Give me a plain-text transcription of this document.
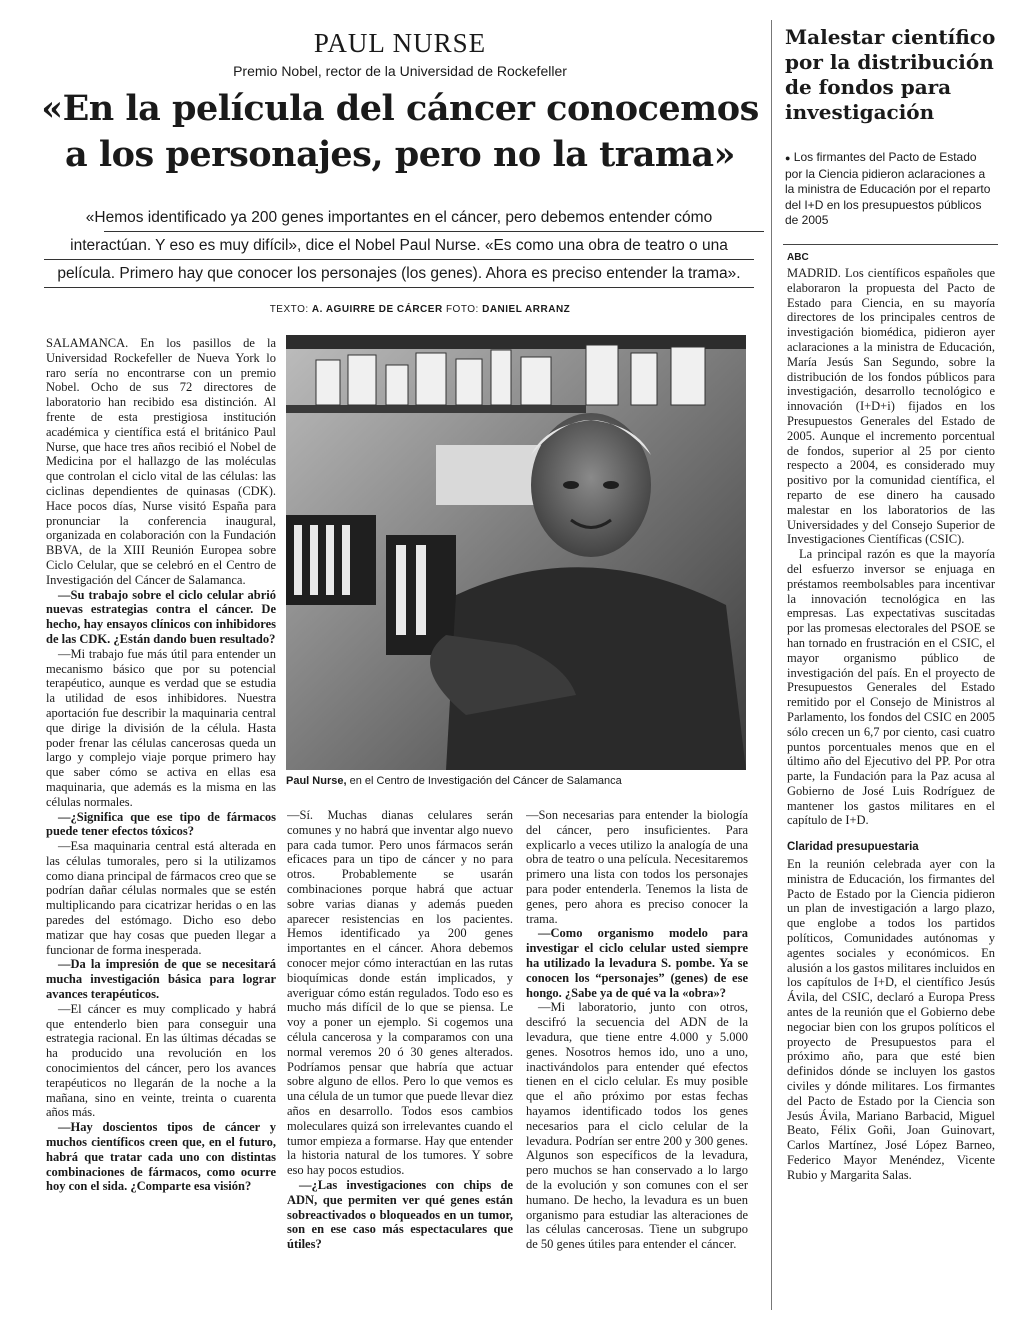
PAUL NURSE
Premio Nobel, rector de la Universidad de Rockefeller
«En la película del cáncer conocemos
a los personajes, pero no la trama»
«Hemos identificado ya 200 genes importantes en el cáncer, pero debemos entender cómo
interactúan. Y eso es muy difícil», dice el Nobel Paul Nurse. «Es como una obra de teatro o una
película. Primero hay que conocer los personajes (los genes). Ahora es preciso entender la trama».
TEXTO: A. AGUIRRE DE CÁRCER FOTO: DANIEL ARRANZ

SALAMANCA. En los pasillos de la Universidad Rockefeller de Nueva York lo raro sería no encontrarse con un premio Nobel. Ocho de sus 72 directores de laboratorio han recibido esa distinción. Al frente de esta prestigiosa institución académica y científica está el británico Paul Nurse, que hace tres años recibió el Nobel de Medicina por el hallazgo de las moléculas que controlan el ciclo vital de las células: las ciclinas dependientes de quinasas (CDK). Hace pocos días, Nurse visitó España para pronunciar la conferencia inaugural, organizada en colaboración con la Fundación BBVA, de la XIII Reunión Europea sobre Ciclo Celular, que se celebró en el Centro de Investigación del Cáncer de Salamanca.

—Su trabajo sobre el ciclo celular abrió nuevas estrategias contra el cáncer. De hecho, hay ensayos clínicos con inhibidores de las CDK. ¿Están dando buen resultado?

—Mi trabajo fue más útil para entender un mecanismo básico que por su potencial terapéutico, aunque es verdad que se estudia la utilidad de esos inhibidores. Nuestra aportación fue describir la maquinaria central que dirige la división de la célula. Hasta poder frenar las células cancerosas queda un largo y complejo viaje porque primero hay que saber cómo se activa en ellas esa maquinaria, que además es la misma en las células normales.

—¿Significa que ese tipo de fármacos puede tener efectos tóxicos?

—Esa maquinaria central está alterada en las células tumorales, pero si la utilizamos como diana principal de fármacos creo que se podrían dañar células normales que se estén multiplicando para cicatrizar heridas o en las paredes del estómago. Dicho eso debo matizar que hay cosas que pueden llegar a funcionar de forma inesperada.

—Da la impresión de que se necesitará mucha investigación básica para lograr avances terapéuticos.

—El cáncer es muy complicado y habrá que entenderlo bien para conseguir una estrategia racional. En las últimas décadas se ha producido una revolución en los conocimientos del cáncer, pero los avances terapéuticos no llegarán de la noche a la mañana, sino en veinte, treinta o cuarenta años más.

—Hay doscientos tipos de cáncer y muchos científicos creen que, en el futuro, habrá que tratar cada uno con distintas combinaciones de fármacos, como ocurre hoy con el sida. ¿Comparte esa visión?

Paul Nurse, en el Centro de Investigación del Cáncer de Salamanca

—Sí. Muchas dianas celulares serán comunes y no habrá que inventar algo nuevo para cada tumor. Pero unos fármacos serán eficaces para un tipo de cáncer y no para otros. Probablemente se usarán combinaciones porque habrá que actuar sobre varias dianas y además pueden aparecer resistencias en los pacientes. Hemos identificado ya 200 genes importantes en el cáncer. Ahora debemos conocer mejor cómo interactúan en las rutas bioquímicas donde están implicados, y averiguar cómo están regulados. Todo eso es mucho más difícil de lo que se piensa. Le voy a poner un ejemplo. Si cogemos una célula cancerosa y la comparamos con una normal veremos 20 ó 30 genes alterados. Podríamos pensar que habría que actuar sobre alguno de ellos. Pero lo que vemos es una célula de un tumor que puede llevar diez años en desarrollo. Todos esos cambios moleculares quizá son irrelevantes cuando el tumor empieza a formarse. Hay que entender la historia natural de los tumores. Y sobre eso hay pocos estudios.

—¿Las investigaciones con chips de ADN, que permiten ver qué genes están sobreactivados o bloqueados en un tumor, son en ese caso más espectaculares que útiles?

—Son necesarias para entender la biología del cáncer, pero insuficientes. Para explicarlo a veces utilizo la analogía de una obra de teatro o una película. Necesitaremos primero una lista con todos los personajes para poder entenderla. Tenemos la lista de genes, pero ahora es preciso conocer la trama.

—Como organismo modelo para investigar el ciclo celular usted siempre ha utilizado la levadura S. pombe. Ya se conocen los “personajes” (genes) de ese hongo. ¿Sabe ya de qué va la «obra»?

—Mi laboratorio, junto con otros, descifró la secuencia del ADN de la levadura, que tiene entre 4.000 y 5.000 genes. Nosotros hemos ido, uno a uno, inactivándolos para entender qué efectos tienen en el ciclo celular. Es muy posible que el año próximo por estas fechas hayamos identificado todos los genes necesarios para el ciclo celular de la levadura. Podrían ser entre 200 y 300 genes. Algunos son específicos de la levadura, pero muchos se han conservado a lo largo de la evolución y son comunes con el ser humano. De hecho, la levadura es un buen organismo para estudiar las alteraciones de las células cancerosas. Tiene un subgrupo de 50 genes útiles para entender el cáncer.

Malestar científico por la distribución de fondos para investigación
● Los firmantes del Pacto de Estado por la Ciencia pidieron aclaraciones a la ministra de Educación por el reparto del I+D en los presupuestos públicos de 2005
ABC

MADRID. Los científicos españoles que elaboraron la propuesta del Pacto de Estado para Ciencia, en su mayoría directores de los principales centros de investigación biomédica, pidieron ayer aclaraciones a la ministra de Educación, María Jesús San Segundo, sobre la distribución de los fondos públicos para investigación, desarrollo tecnológico e innovación (I+D+i) fijados en los Presupuestos Generales del Estado de 2005. Aunque el incremento porcentual de fondos, superior al 25 por ciento respecto a 2004, es considerado muy positivo por la comunidad científica, el reparto de ese dinero ha causado malestar en los laboratorios de las Universidades y del Consejo Superior de Investigaciones Científicas (CSIC).

La principal razón es que la mayoría del esfuerzo inversor se enjuaga en préstamos reembolsables para incentivar la innovación tecnológica en las empresas. Las expectativas suscitadas por las promesas electorales del PSOE se han tornado en frustración en el CSIC, el mayor organismo público de investigación del país. En el proyecto de Presupuestos Generales del Estado remitido por el Consejo de Ministros al Parlamento, los fondos del CSIC en 2005 sólo crecen un 6,7 por ciento, casi cuatro puntos porcentuales menos que en el último año del Ejecutivo del PP. Por otra parte, la Fundación para la Paz acusa al Gobierno de José Luis Rodríguez de mantener los gastos militares en el capítulo de I+D.

Claridad presupuestaria

En la reunión celebrada ayer con la ministra de Educación, los firmantes del Pacto de Estado por la Ciencia pidieron un plan de investigación a largo plazo, que englobe a todos los partidos políticos, Comunidades autónomas y agentes sociales y económicos. En alusión a los gastos militares incluidos en los capítulos de I+D, el científico Jesús Ávila, del CSIC, declaró a Europa Press antes de la reunión que el Gobierno debe negociar bien con los grupos políticos el proyecto de Presupuestos para el próximo año, para que esté bien definidos dónde se incluyen los gastos civiles y dónde militares. Los firmantes del Pacto de Estado por la Ciencia son Jesús Ávila, Mariano Barbacid, Miguel Beato, Félix Goñi, Joan Guinovart, Carlos Martínez, José López Barneo, Federico Mayor Menéndez, Vicente Rubio y Margarita Salas.
